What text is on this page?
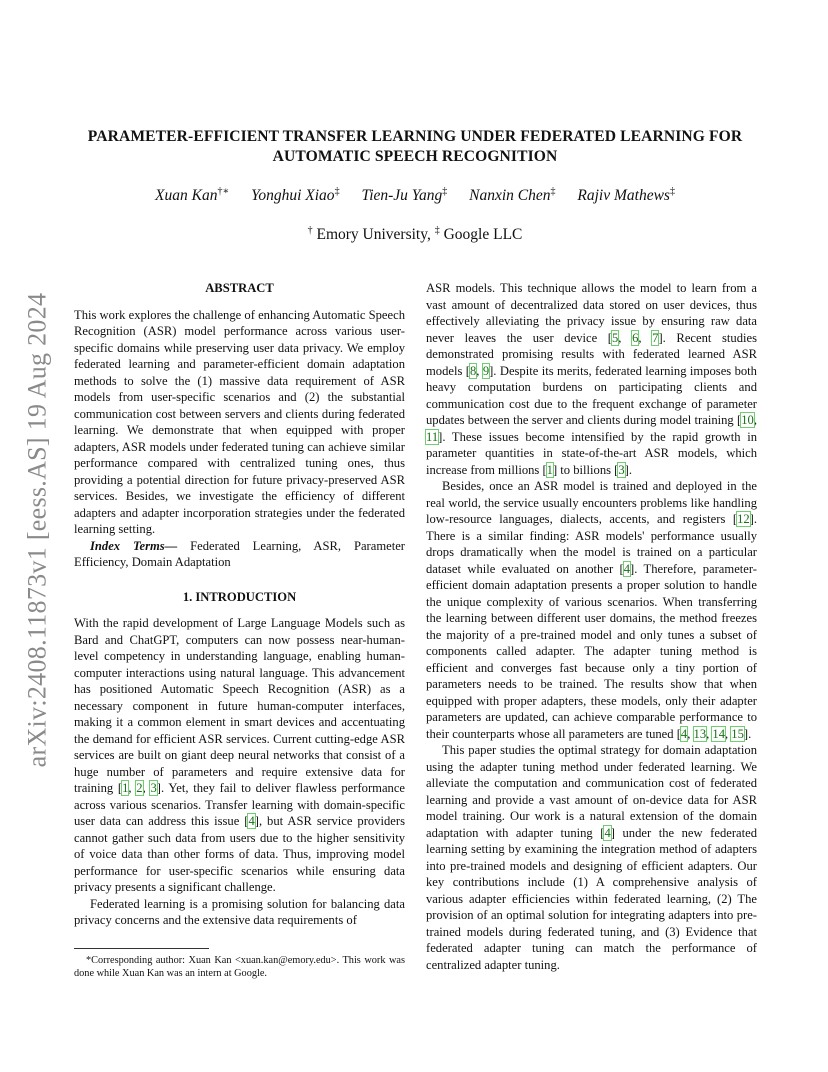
arXiv:2408.11873v1 [eess.AS] 19 Aug 2024
PARAMETER-EFFICIENT TRANSFER LEARNING UNDER FEDERATED LEARNING FOR
AUTOMATIC SPEECH RECOGNITION
Xuan Kan†∗ Yonghui Xiao‡ Tien-Ju Yang‡ Nanxin Chen‡ Rajiv Mathews‡
† Emory University, ‡ Google LLC
ABSTRACT

This work explores the challenge of enhancing Automatic Speech Recognition (ASR) model performance across various user-specific domains while preserving user data privacy. We employ federated learning and parameter-efficient domain adaptation methods to solve the (1) massive data requirement of ASR models from user-specific scenarios and (2) the substantial communication cost between servers and clients during federated learning. We demonstrate that when equipped with proper adapters, ASR models under federated tuning can achieve similar performance compared with centralized tuning ones, thus providing a potential direction for future privacy-preserved ASR services. Besides, we investigate the efficiency of different adapters and adapter incorporation strategies under the federated learning setting.

Index Terms— Federated Learning, ASR, Parameter Efficiency, Domain Adaptation

1. INTRODUCTION

With the rapid development of Large Language Models such as Bard and ChatGPT, computers can now possess near-human-level competency in understanding language, enabling human-computer interactions using natural language. This advancement has positioned Automatic Speech Recognition (ASR) as a necessary component in future human-computer interfaces, making it a common element in smart devices and accentuating the demand for efficient ASR services. Current cutting-edge ASR services are built on giant deep neural networks that consist of a huge number of parameters and require extensive data for training [1, 2, 3]. Yet, they fail to deliver flawless performance across various scenarios. Transfer learning with domain-specific user data can address this issue [4], but ASR service providers cannot gather such data from users due to the higher sensitivity of voice data than other forms of data. Thus, improving model performance for user-specific scenarios while ensuring data privacy presents a significant challenge.

Federated learning is a promising solution for balancing data privacy concerns and the extensive data requirements of

ASR models. This technique allows the model to learn from a vast amount of decentralized data stored on user devices, thus effectively alleviating the privacy issue by ensuring raw data never leaves the user device [5, 6, 7]. Recent studies demonstrated promising results with federated learned ASR models [8, 9]. Despite its merits, federated learning imposes both heavy computation burdens on participating clients and communication cost due to the frequent exchange of parameter updates between the server and clients during model training [10, 11]. These issues become intensified by the rapid growth in parameter quantities in state-of-the-art ASR models, which increase from millions [1] to billions [3].

Besides, once an ASR model is trained and deployed in the real world, the service usually encounters problems like handling low-resource languages, dialects, accents, and registers [12]. There is a similar finding: ASR models' performance usually drops dramatically when the model is trained on a particular dataset while evaluated on another [4]. Therefore, parameter-efficient domain adaptation presents a proper solution to handle the unique complexity of various scenarios. When transferring the learning between different user domains, the method freezes the majority of a pre-trained model and only tunes a subset of components called adapter. The adapter tuning method is efficient and converges fast because only a tiny portion of parameters needs to be trained. The results show that when equipped with proper adapters, these models, only their adapter parameters are updated, can achieve comparable performance to their counterparts whose all parameters are tuned [4, 13, 14, 15].

This paper studies the optimal strategy for domain adaptation using the adapter tuning method under federated learning. We alleviate the computation and communication cost of federated learning and provide a vast amount of on-device data for ASR model training. Our work is a natural extension of the domain adaptation with adapter tuning [4] under the new federated learning setting by examining the integration method of adapters into pre-trained models and designing of efficient adapters. Our key contributions include (1) A comprehensive analysis of various adapter efficiencies within federated learning, (2) The provision of an optimal solution for integrating adapters into pre-trained models during federated tuning, and (3) Evidence that federated adapter tuning can match the performance of centralized adapter tuning.

*Corresponding author: Xuan Kan <xuan.kan@emory.edu>. This work was done while Xuan Kan was an intern at Google.
